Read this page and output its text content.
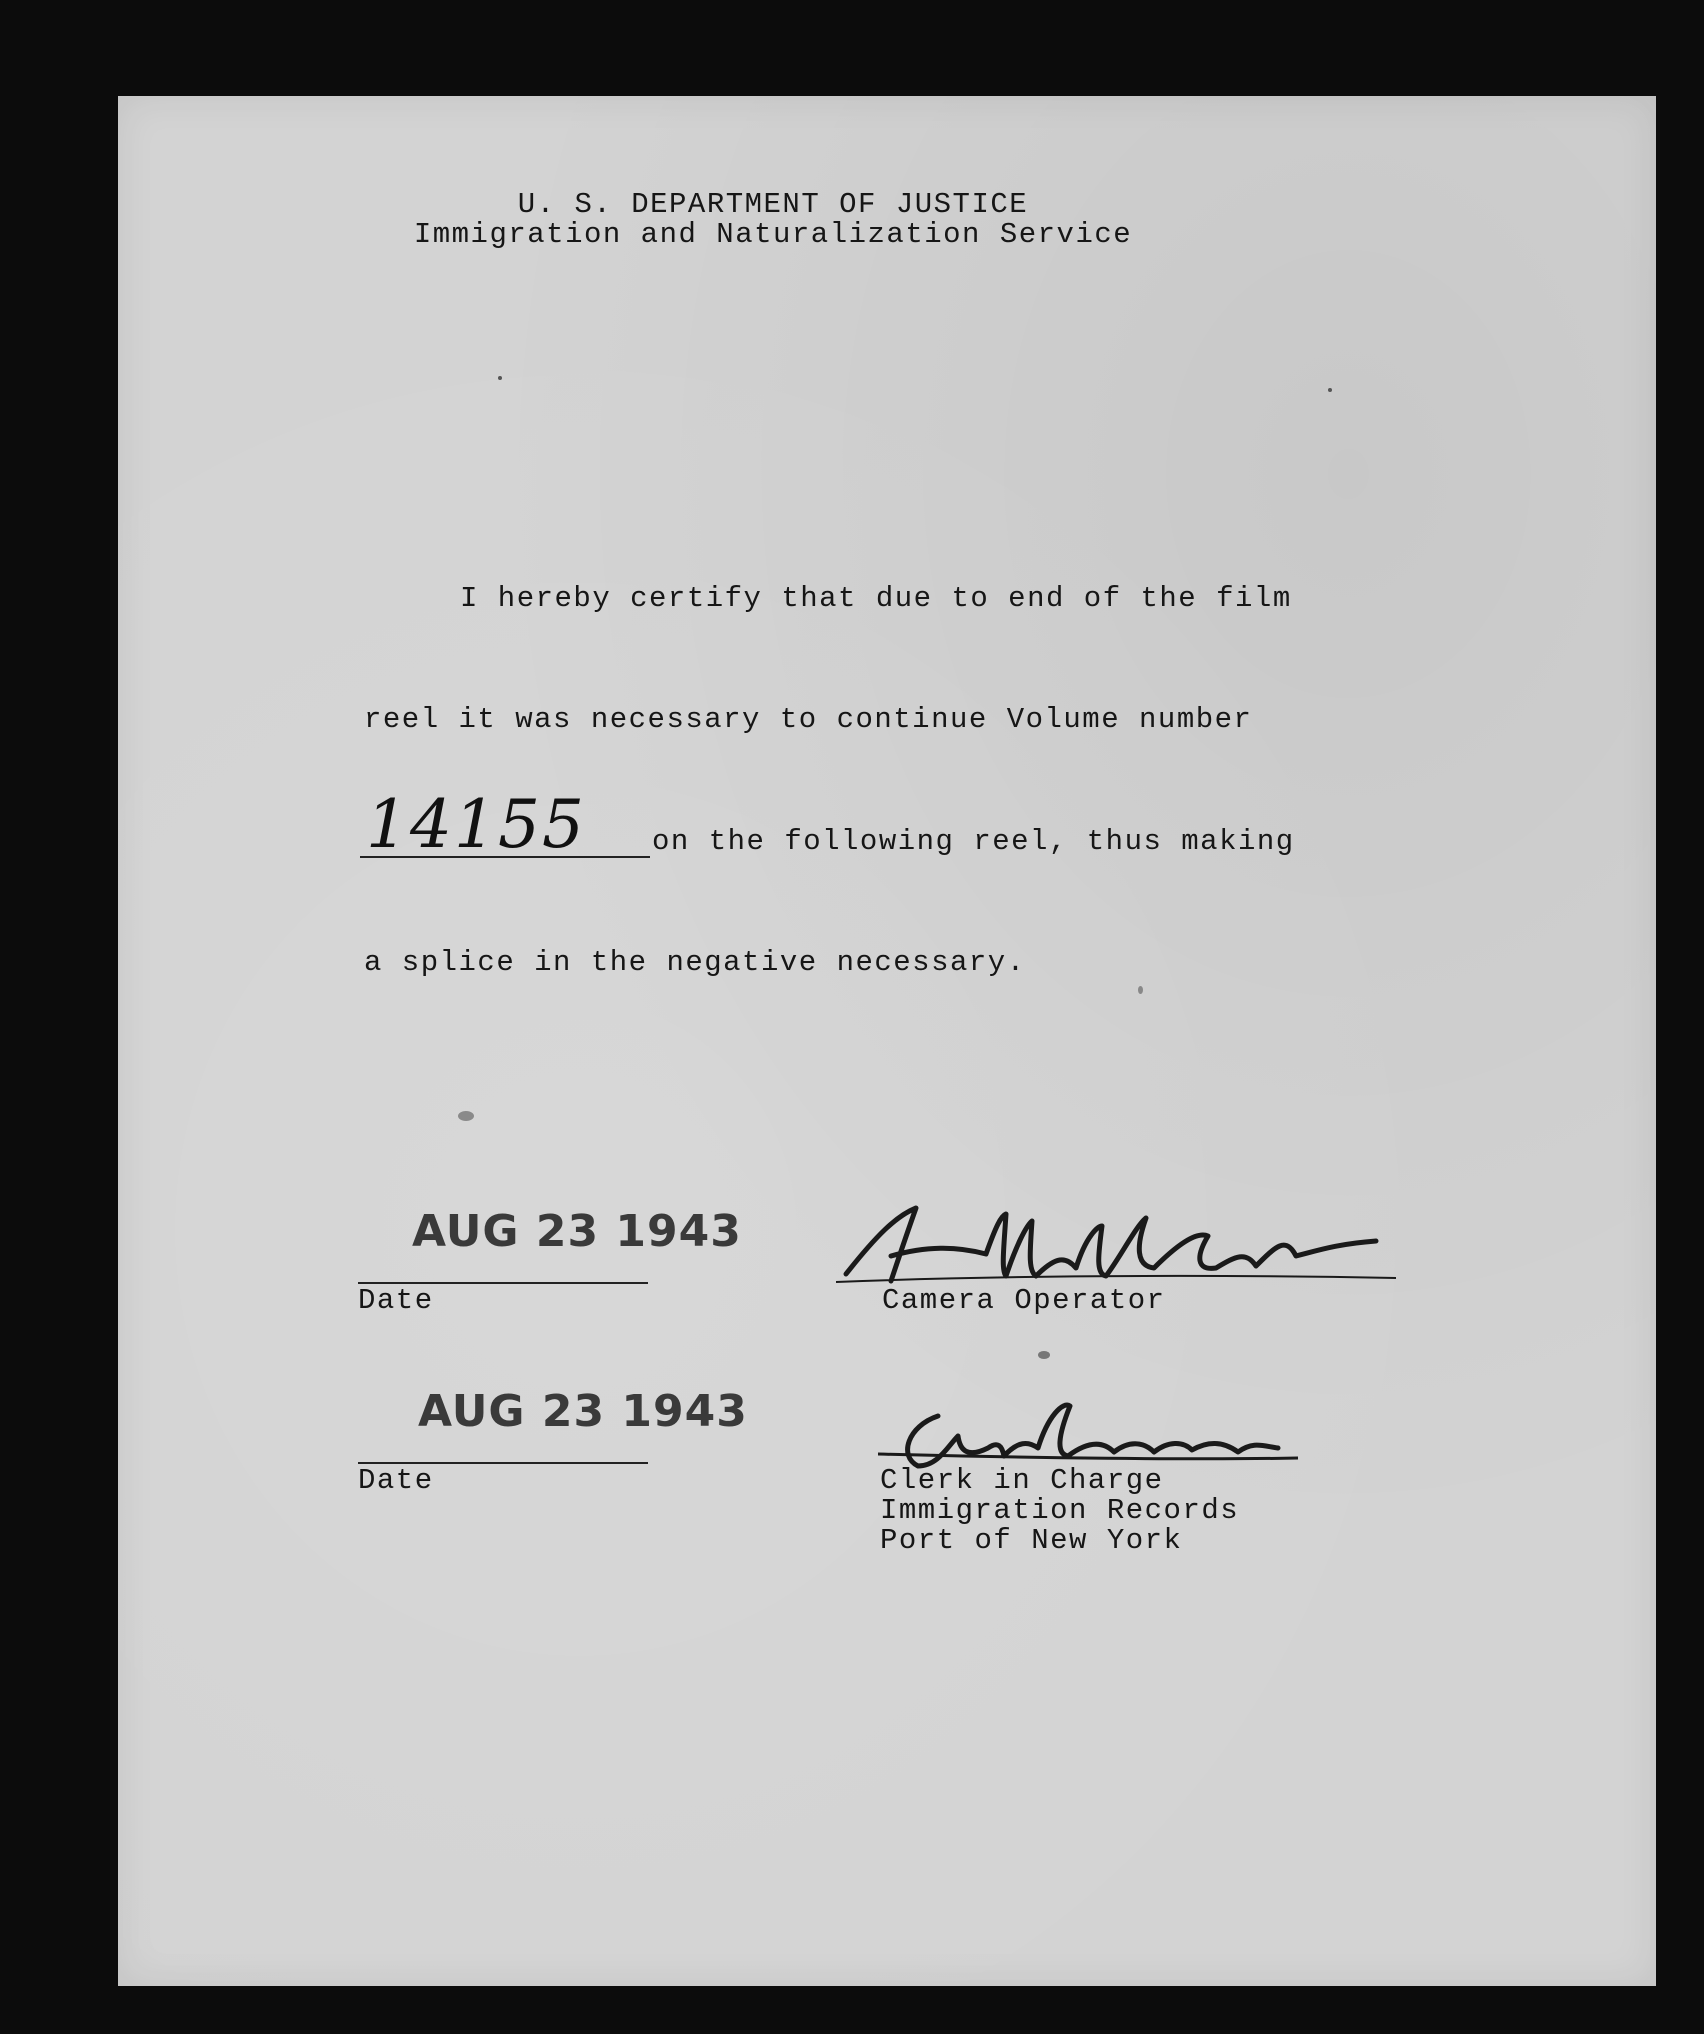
U. S. DEPARTMENT OF JUSTICE
Immigration and Naturalization Service
I hereby certify that due to end of the film
reel it was necessary to continue Volume number
14155 on the following reel, thus making
a splice in the negative necessary.
AUG 23 1943
Date	Camera Operator
AUG 23 1943
Date	Clerk in Charge
Immigration Records
Port of New York
